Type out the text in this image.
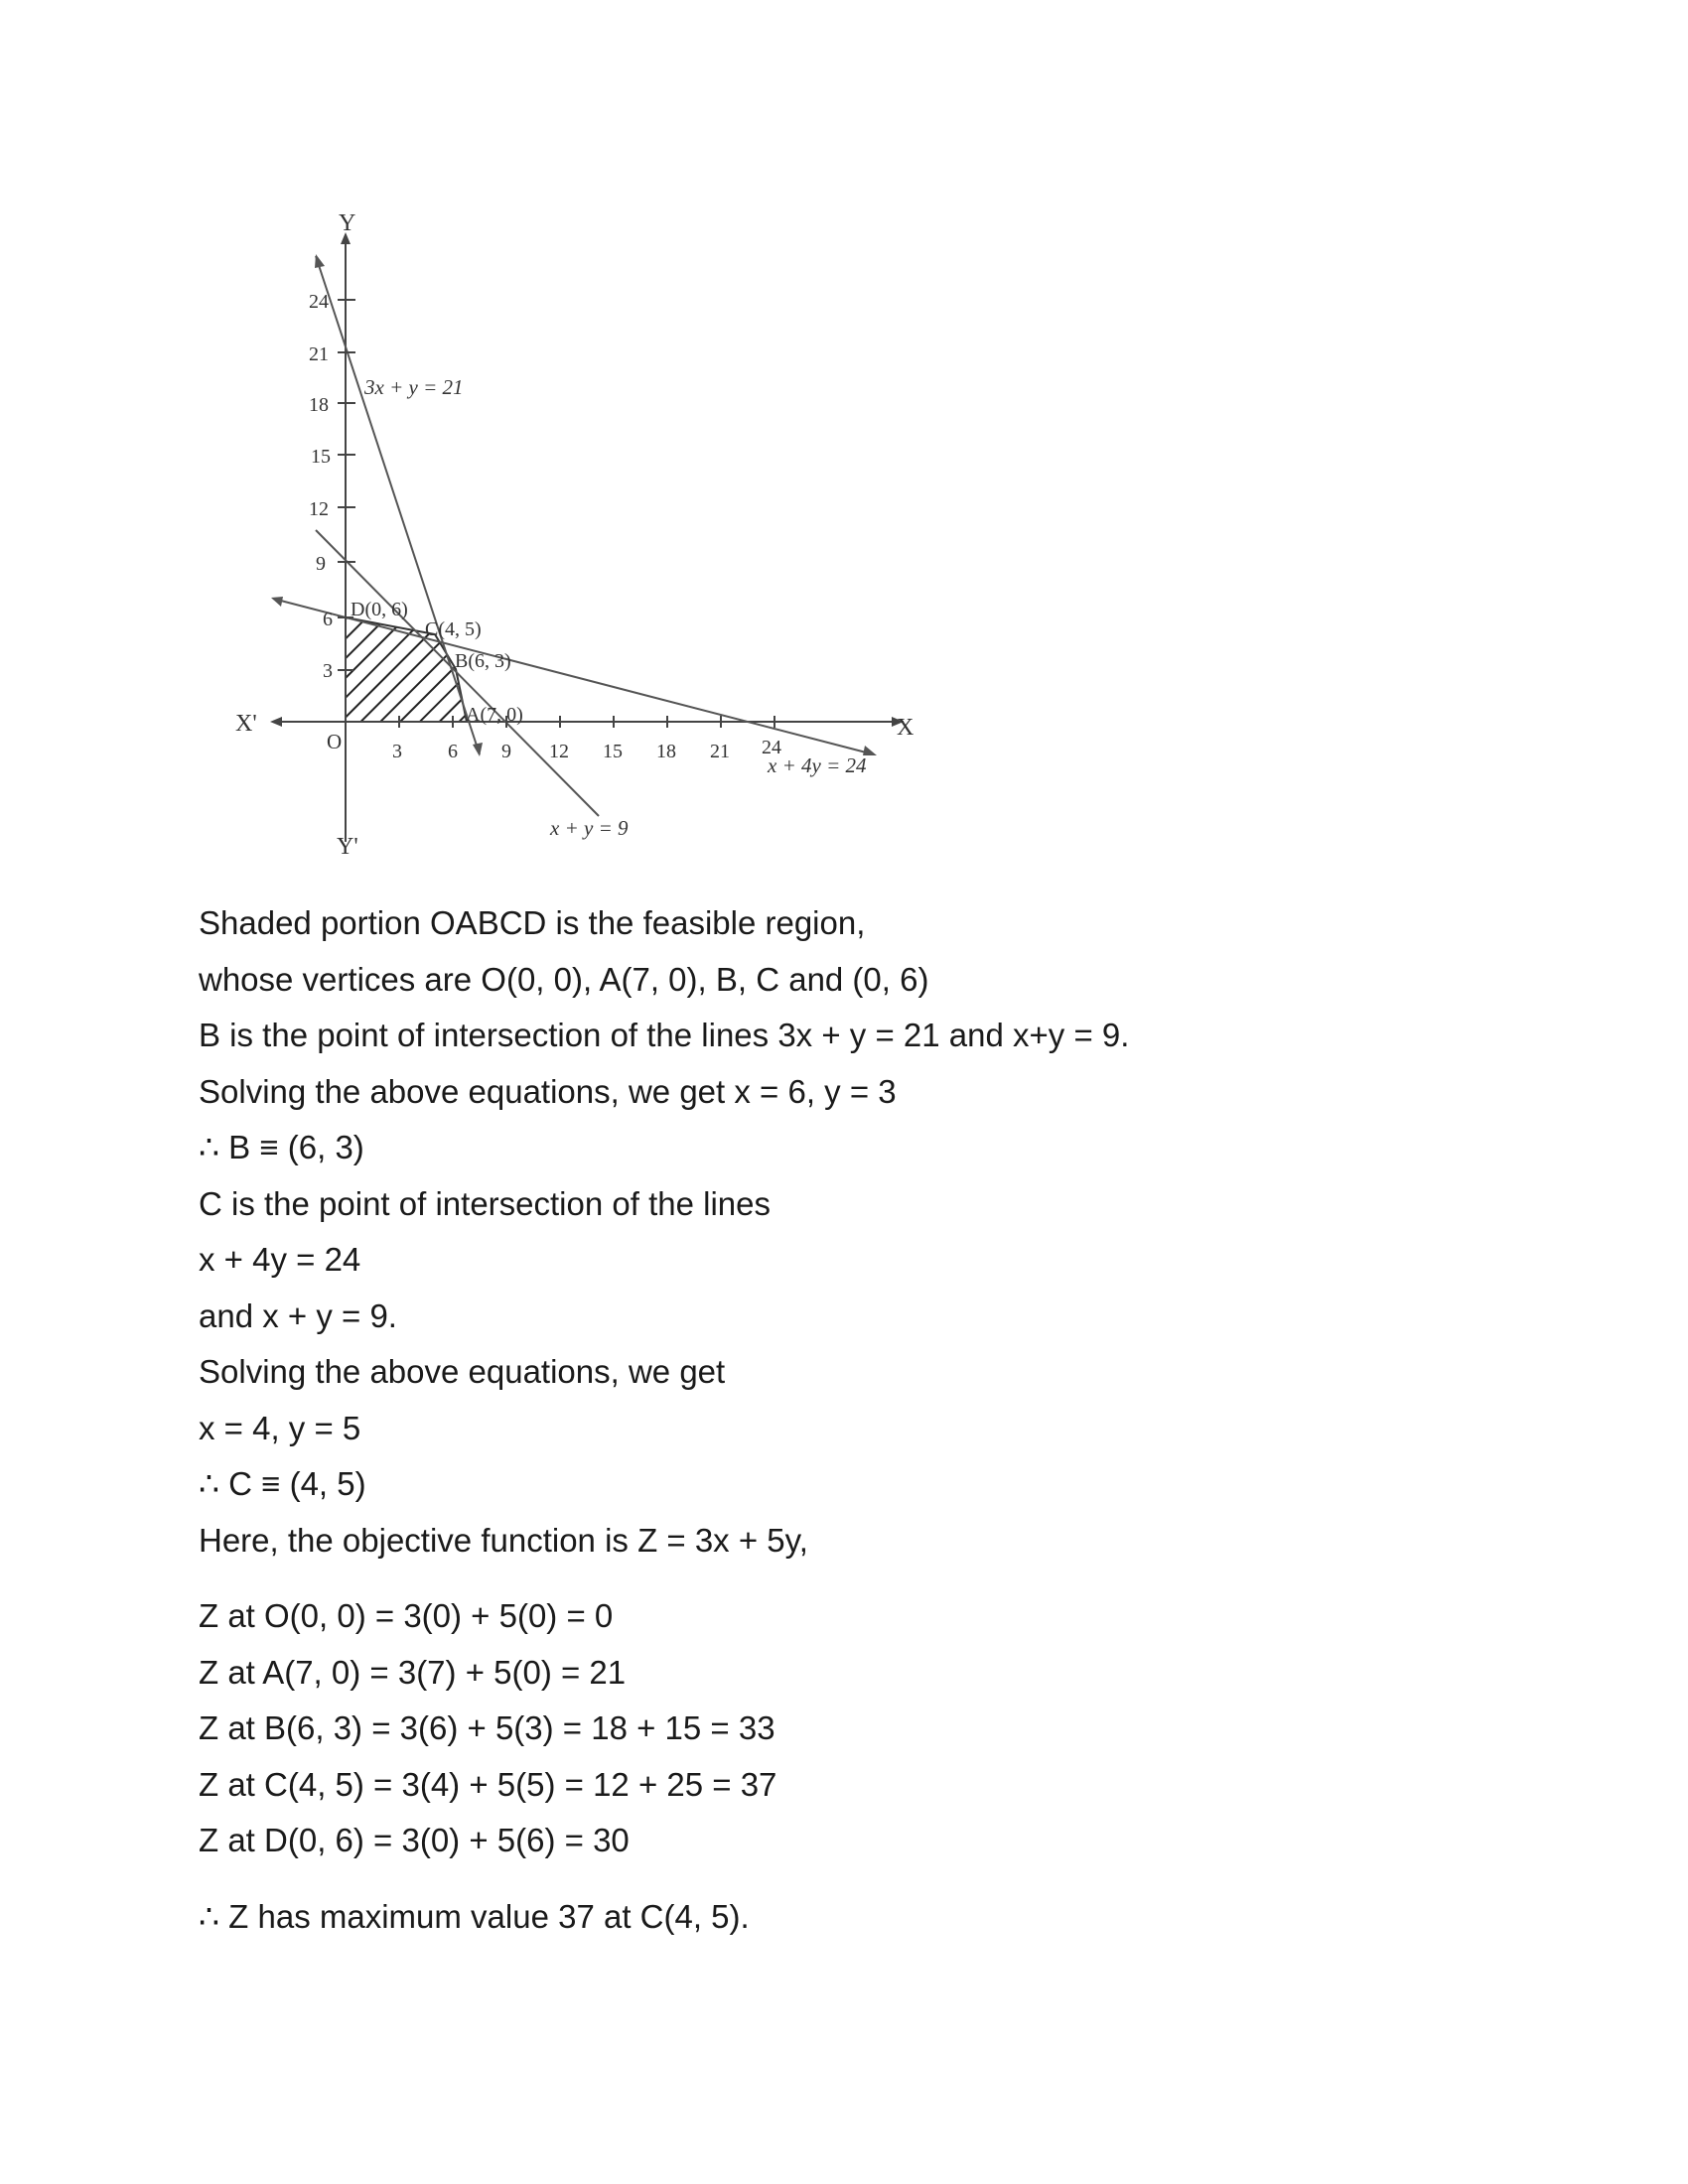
Y
X
X'
Y'
O	3 6 9 12 15 18 21 24
24
21
18
15
12
9
6
3
3x + y = 21
x + y = 9
x + 4y = 24
D(0, 6)
C(4, 5)
B(6, 3)
A(7, 0)
Shaded portion OABCD is the feasible region,
whose vertices are O(0, 0), A(7, 0), B, C and (0, 6)
B is the point of intersection of the lines 3x + y = 21 and x+y = 9.
Solving the above equations, we get x = 6, y = 3
∴ B ≡ (6, 3)
C is the point of intersection of the lines
x + 4y = 24
and x + y = 9.
Solving the above equations, we get
x = 4, y = 5
∴ C ≡ (4, 5)
Here, the objective function is Z = 3x + 5y,
Z at O(0, 0) = 3(0) + 5(0) = 0
Z at A(7, 0) = 3(7) + 5(0) = 21
Z at B(6, 3) = 3(6) + 5(3) = 18 + 15 = 33
Z at C(4, 5) = 3(4) + 5(5) = 12 + 25 = 37
Z at D(0, 6) = 3(0) + 5(6) = 30
∴ Z has maximum value 37 at C(4, 5).
